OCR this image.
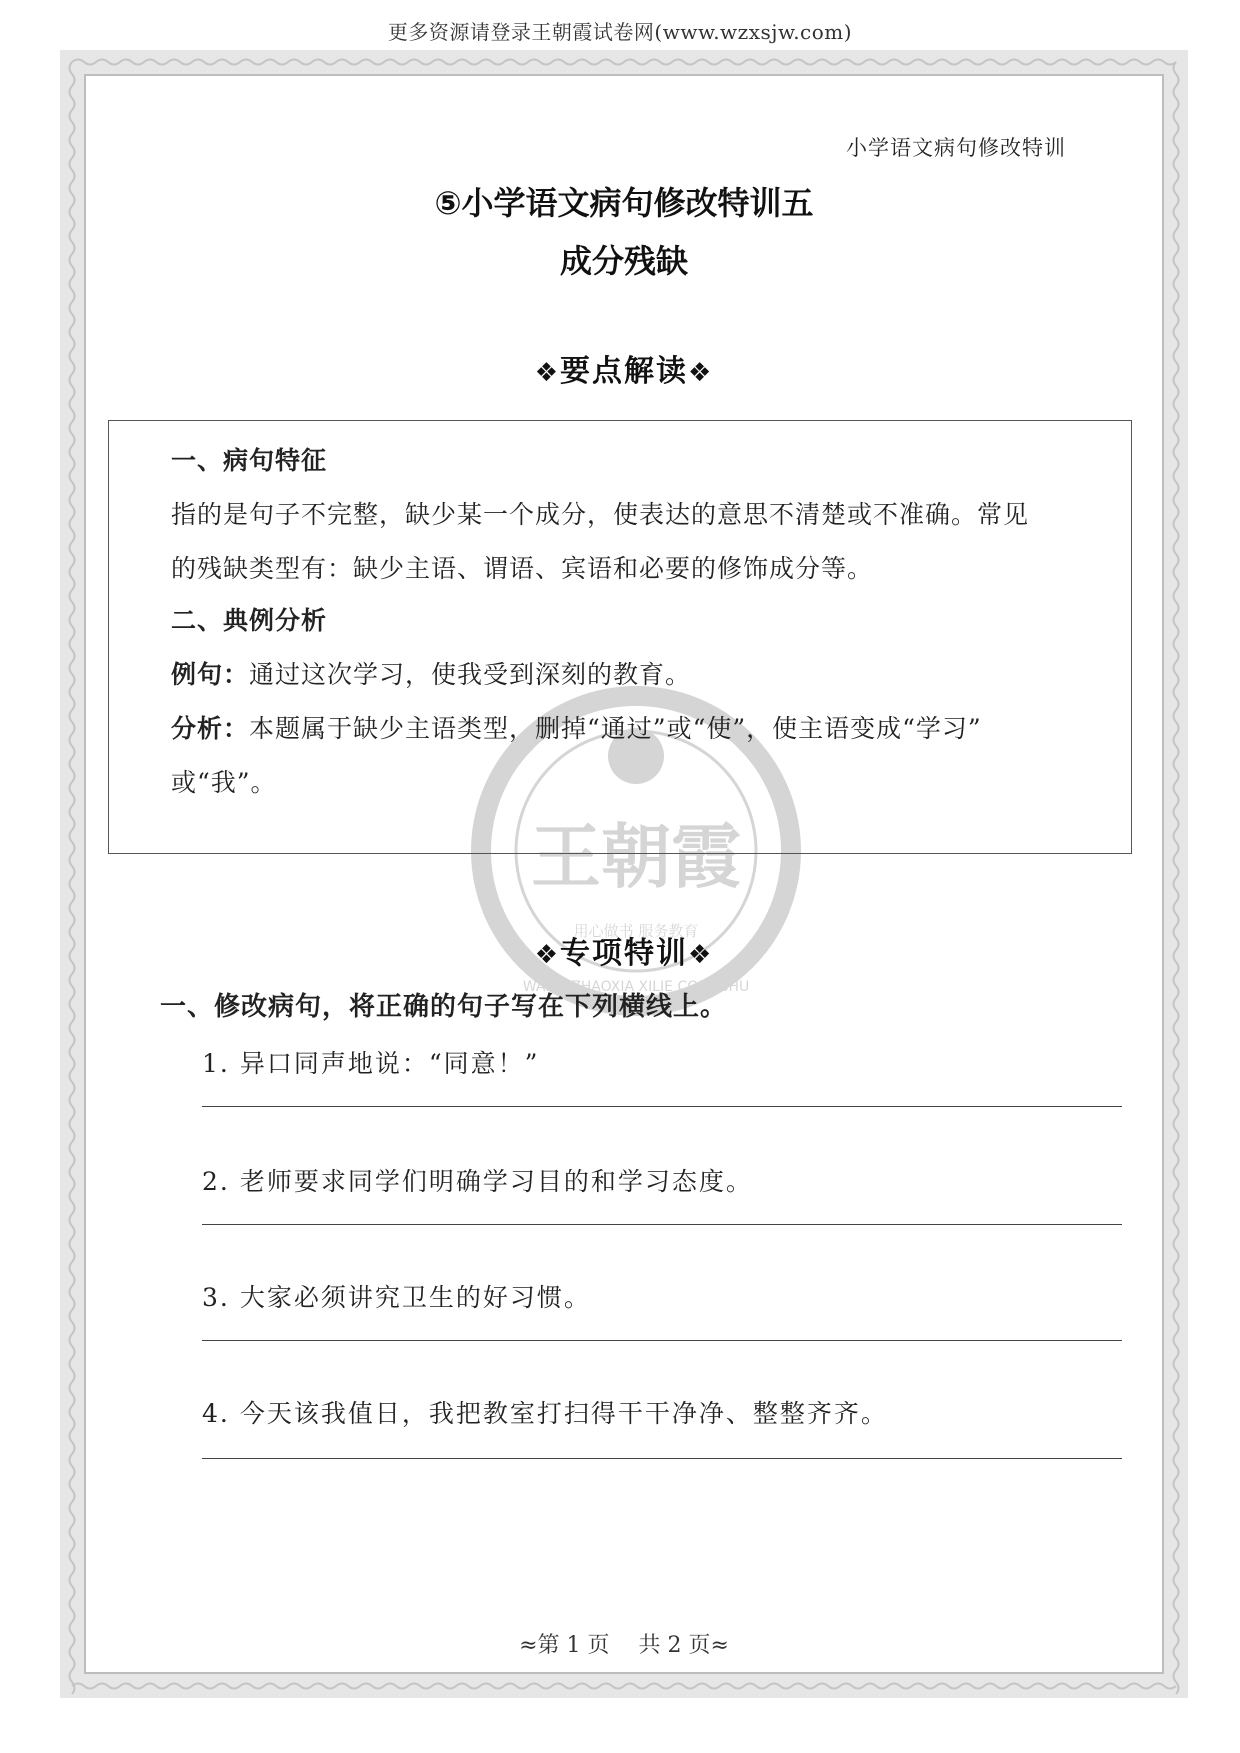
更多资源请登录王朝霞试卷网(www.wzxsjw.com)
小学语文病句修改特训
王朝霞
用心做书 服务教育
®
WANG ZHAOXIA XILIE CONGSHU
⑤小学语文病句修改特训五
成分残缺
❖要点解读❖
一、病句特征
指的是句子不完整，缺少某一个成分，使表达的意思不清楚或不准确。常见
的残缺类型有：缺少主语、谓语、宾语和必要的修饰成分等。
二、典例分析
例句：通过这次学习，使我受到深刻的教育。
分析：本题属于缺少主语类型，删掉“通过”或“使”，使主语变成“学习”
或“我”。
❖专项特训❖
一、修改病句，将正确的句子写在下列横线上。
1. 异口同声地说：“同意！”
2. 老师要求同学们明确学习目的和学习态度。
3. 大家必须讲究卫生的好习惯。
4. 今天该我值日，我把教室打扫得干干净净、整整齐齐。
≈第 1 页　 共 2 页≈
